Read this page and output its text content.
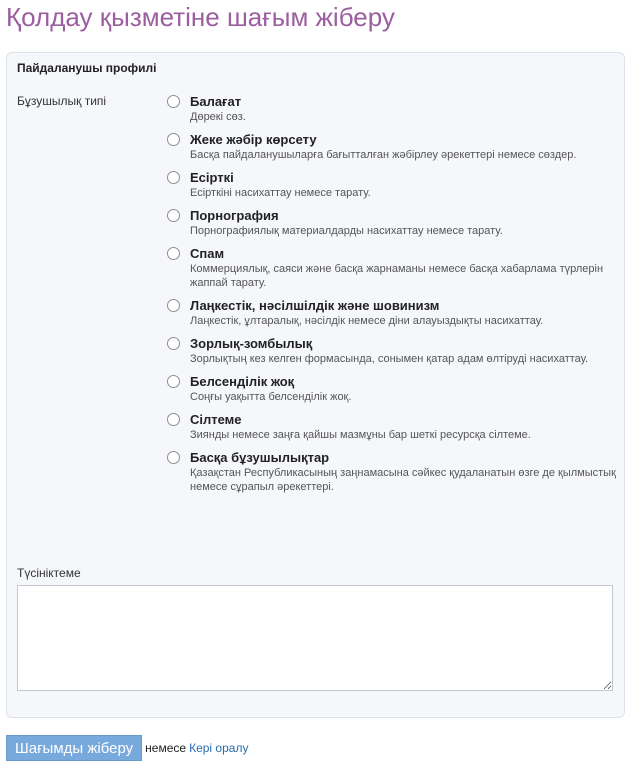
Қолдау қызметіне шағым жіберу
Пайдаланушы профилі
Бұзушылық типі	Балағат
Дөрекі сөз.
Жеке жәбір көрсету
Басқа пайдаланушыларға бағытталған жәбірлеу әрекеттері немесе сөздер.
Есірткі
Есірткіні насихаттау немесе тарату.
Порнография
Порнографиялық материалдарды насихаттау немесе тарату.
Спам
Коммерциялық, саяси және басқа жарнаманы немесе басқа хабарлама түрлерін жаппай тарату.
Лаңкестік, нәсілшілдік және шовинизм
Лаңкестік, ұлтаралық, нәсілдік немесе діни алауыздықты насихаттау.
Зорлық-зомбылық
Зорлықтың кез келген формасында, сонымен қатар адам өлтіруді насихаттау.
Белсенділік жоқ
Соңғы уақытта белсенділік жоқ.
Сілтеме
Зиянды немесе заңға қайшы мазмұны бар шеткі ресурсқа сілтеме.
Басқа бұзушылықтар
Қазақстан Республикасының заңнамасына сәйкес қудаланатын өзге де қылмыстық немесе сұрапыл әрекеттері.
Түсініктеме
Шағымды жіберу	немесе Кері оралу
